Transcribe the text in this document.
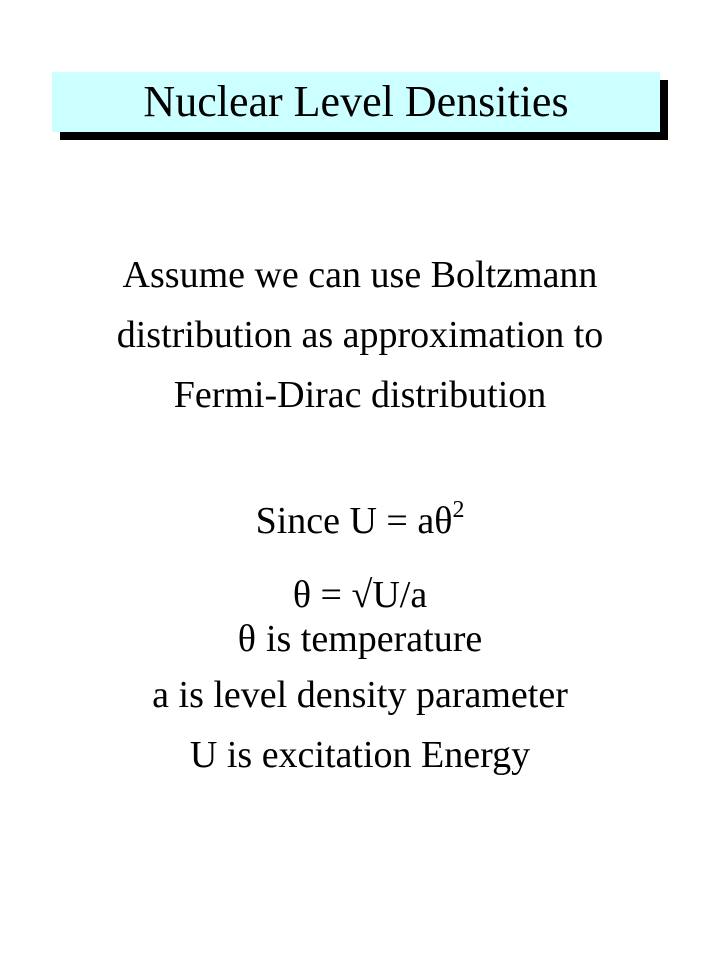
Nuclear Level Densities
Assume we can use Boltzmann
distribution as approximation to
Fermi-Dirac distribution
Since $U = a\theta^2$
θ = √U/a
θ is temperature
a is level density parameter
U is excitation Energy
